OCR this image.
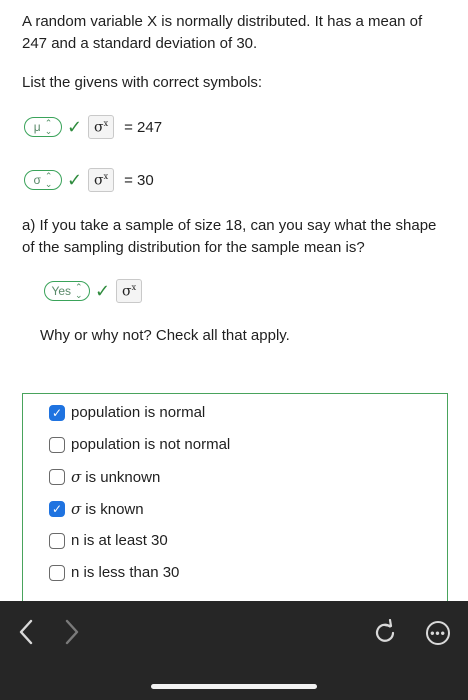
A random variable X is normally distributed. It has a mean of 247 and a standard deviation of 30.
List the givens with correct symbols:
μ ⌃
⌄ ✓ $\sigma^x = 247$
σ ⌃
⌄ ✓ $\sigma^x = 30$
a) If you take a sample of size 18, can you say what the shape of the sampling distribution for the sample mean is?
Yes ⌃
⌄ ✓ $\sigma^x$
Why or why not? Check all that apply.
✓ population is normal
population is not normal
σ is unknown
✓ σ is known
n is at least 30
n is less than 30
•••
